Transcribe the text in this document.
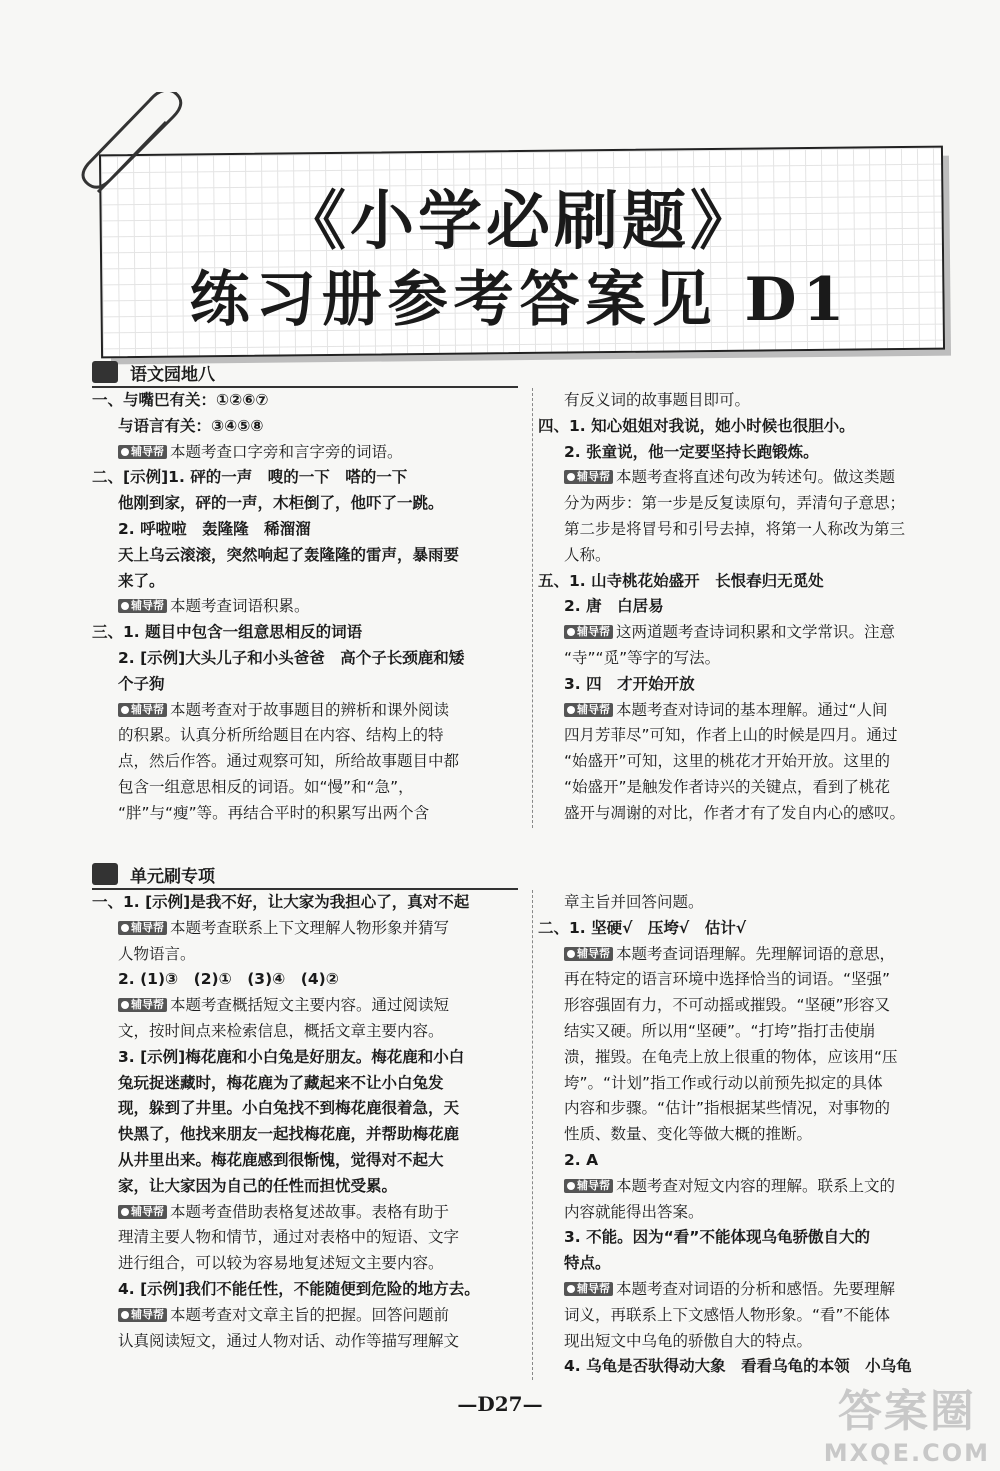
《小学必刷题》
练习册参考答案见 D1
语文园地八

一、与嘴巴有关：①②⑥⑦

与语言有关：③④⑤⑧

辅导帮 本题考查口字旁和言字旁的词语。

二、[示例]1. 砰的一声　嗖的一下　嗒的一下

他刚到家，砰的一声，木柜倒了，他吓了一跳。

2. 呼啦啦　轰隆隆　稀溜溜

天上乌云滚滚，突然响起了轰隆隆的雷声，暴雨要

来了。

辅导帮 本题考查词语积累。

三、1. 题目中包含一组意思相反的词语

2. [示例]大头儿子和小头爸爸　高个子长颈鹿和矮

个子狗

辅导帮 本题考查对于故事题目的辨析和课外阅读

的积累。认真分析所给题目在内容、结构上的特

点，然后作答。通过观察可知，所给故事题目中都

包含一组意思相反的词语。如“慢”和“急”，

“胖”与“瘦”等。再结合平时的积累写出两个含

有反义词的故事题目即可。

四、1. 知心姐姐对我说，她小时候也很胆小。

2. 张童说，他一定要坚持长跑锻炼。

辅导帮 本题考查将直述句改为转述句。做这类题

分为两步：第一步是反复读原句，弄清句子意思；

第二步是将冒号和引号去掉，将第一人称改为第三

人称。

五、1. 山寺桃花始盛开　长恨春归无觅处

2. 唐　白居易

辅导帮 这两道题考查诗词积累和文学常识。注意

“寺”“觅”等字的写法。

3. 四　才开始开放

辅导帮 本题考查对诗词的基本理解。通过“人间

四月芳菲尽”可知，作者上山的时候是四月。通过

“始盛开”可知，这里的桃花才开始开放。这里的

“始盛开”是触发作者诗兴的关键点，看到了桃花

盛开与凋谢的对比，作者才有了发自内心的感叹。

单元刷专项

一、1. [示例]是我不好，让大家为我担心了，真对不起

辅导帮 本题考查联系上下文理解人物形象并猜写

人物语言。

2. (1)③　(2)①　(3)④　(4)②

辅导帮 本题考查概括短文主要内容。通过阅读短

文，按时间点来检索信息，概括文章主要内容。

3. [示例]梅花鹿和小白兔是好朋友。梅花鹿和小白

兔玩捉迷藏时，梅花鹿为了藏起来不让小白兔发

现，躲到了井里。小白兔找不到梅花鹿很着急，天

快黑了，他找来朋友一起找梅花鹿，并帮助梅花鹿

从井里出来。梅花鹿感到很惭愧，觉得对不起大

家，让大家因为自己的任性而担忧受累。

辅导帮 本题考查借助表格复述故事。表格有助于

理清主要人物和情节，通过对表格中的短语、文字

进行组合，可以较为容易地复述短文主要内容。

4. [示例]我们不能任性，不能随便到危险的地方去。

辅导帮 本题考查对文章主旨的把握。回答问题前

认真阅读短文，通过人物对话、动作等描写理解文

章主旨并回答问题。

二、1. 坚硬√　压垮√　估计√

辅导帮 本题考查词语理解。先理解词语的意思，

再在特定的语言环境中选择恰当的词语。“坚强”

形容强固有力，不可动摇或摧毁。“坚硬”形容又

结实又硬。所以用“坚硬”。“打垮”指打击使崩

溃，摧毁。在龟壳上放上很重的物体，应该用“压

垮”。“计划”指工作或行动以前预先拟定的具体

内容和步骤。“估计”指根据某些情况，对事物的

性质、数量、变化等做大概的推断。

2. A

辅导帮 本题考查对短文内容的理解。联系上文的

内容就能得出答案。

3. 不能。因为“看”不能体现乌龟骄傲自大的

特点。

辅导帮 本题考查对词语的分析和感悟。先要理解

词义，再联系上下文感悟人物形象。“看”不能体

现出短文中乌龟的骄傲自大的特点。

4. 乌龟是否驮得动大象　看看乌龟的本领　小乌龟

—D27—	答案圈
MXQE.COM
